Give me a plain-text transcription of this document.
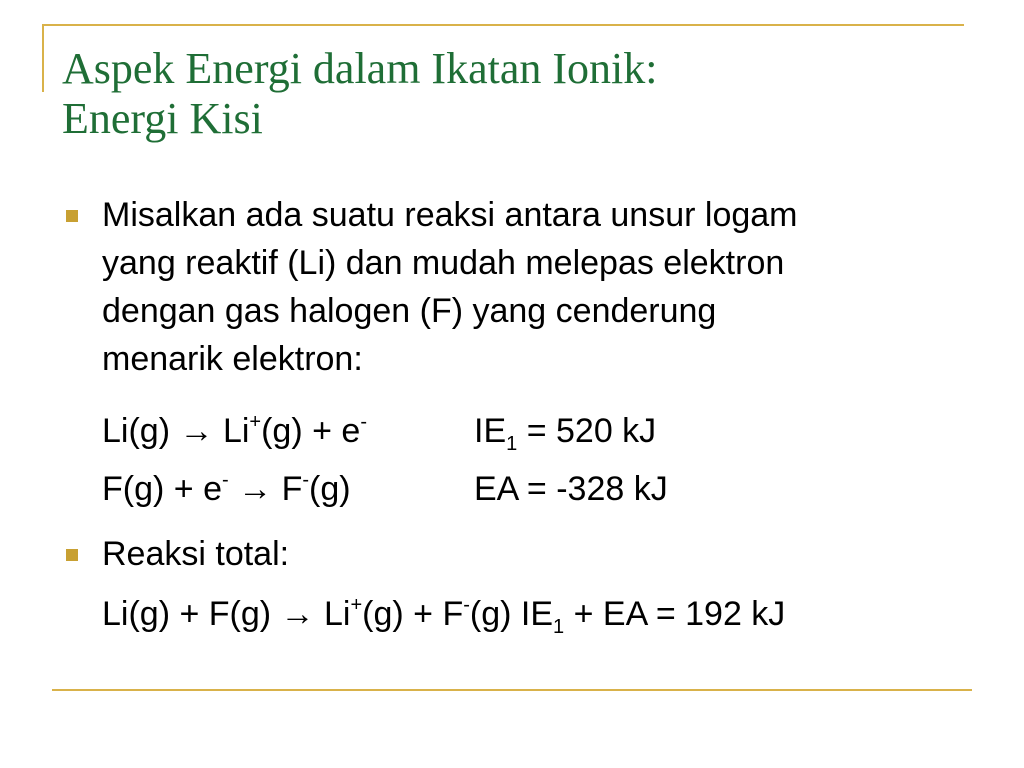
Aspek Energi dalam Ikatan Ionik:
Energi Kisi
Misalkan ada suatu reaksi antara unsur logam
yang reaktif (Li) dan mudah melepas elektron
dengan gas halogen (F) yang cenderung
menarik elektron:
Li(g) → Li+(g) + e-	$IE_1 = 520$ kJ
F(g) + e- → F-(g)	EA = -328 kJ
Reaksi total:
Li(g) + F(g) → Li+(g) + F-(g) $IE_1$ + EA = 192 kJ
